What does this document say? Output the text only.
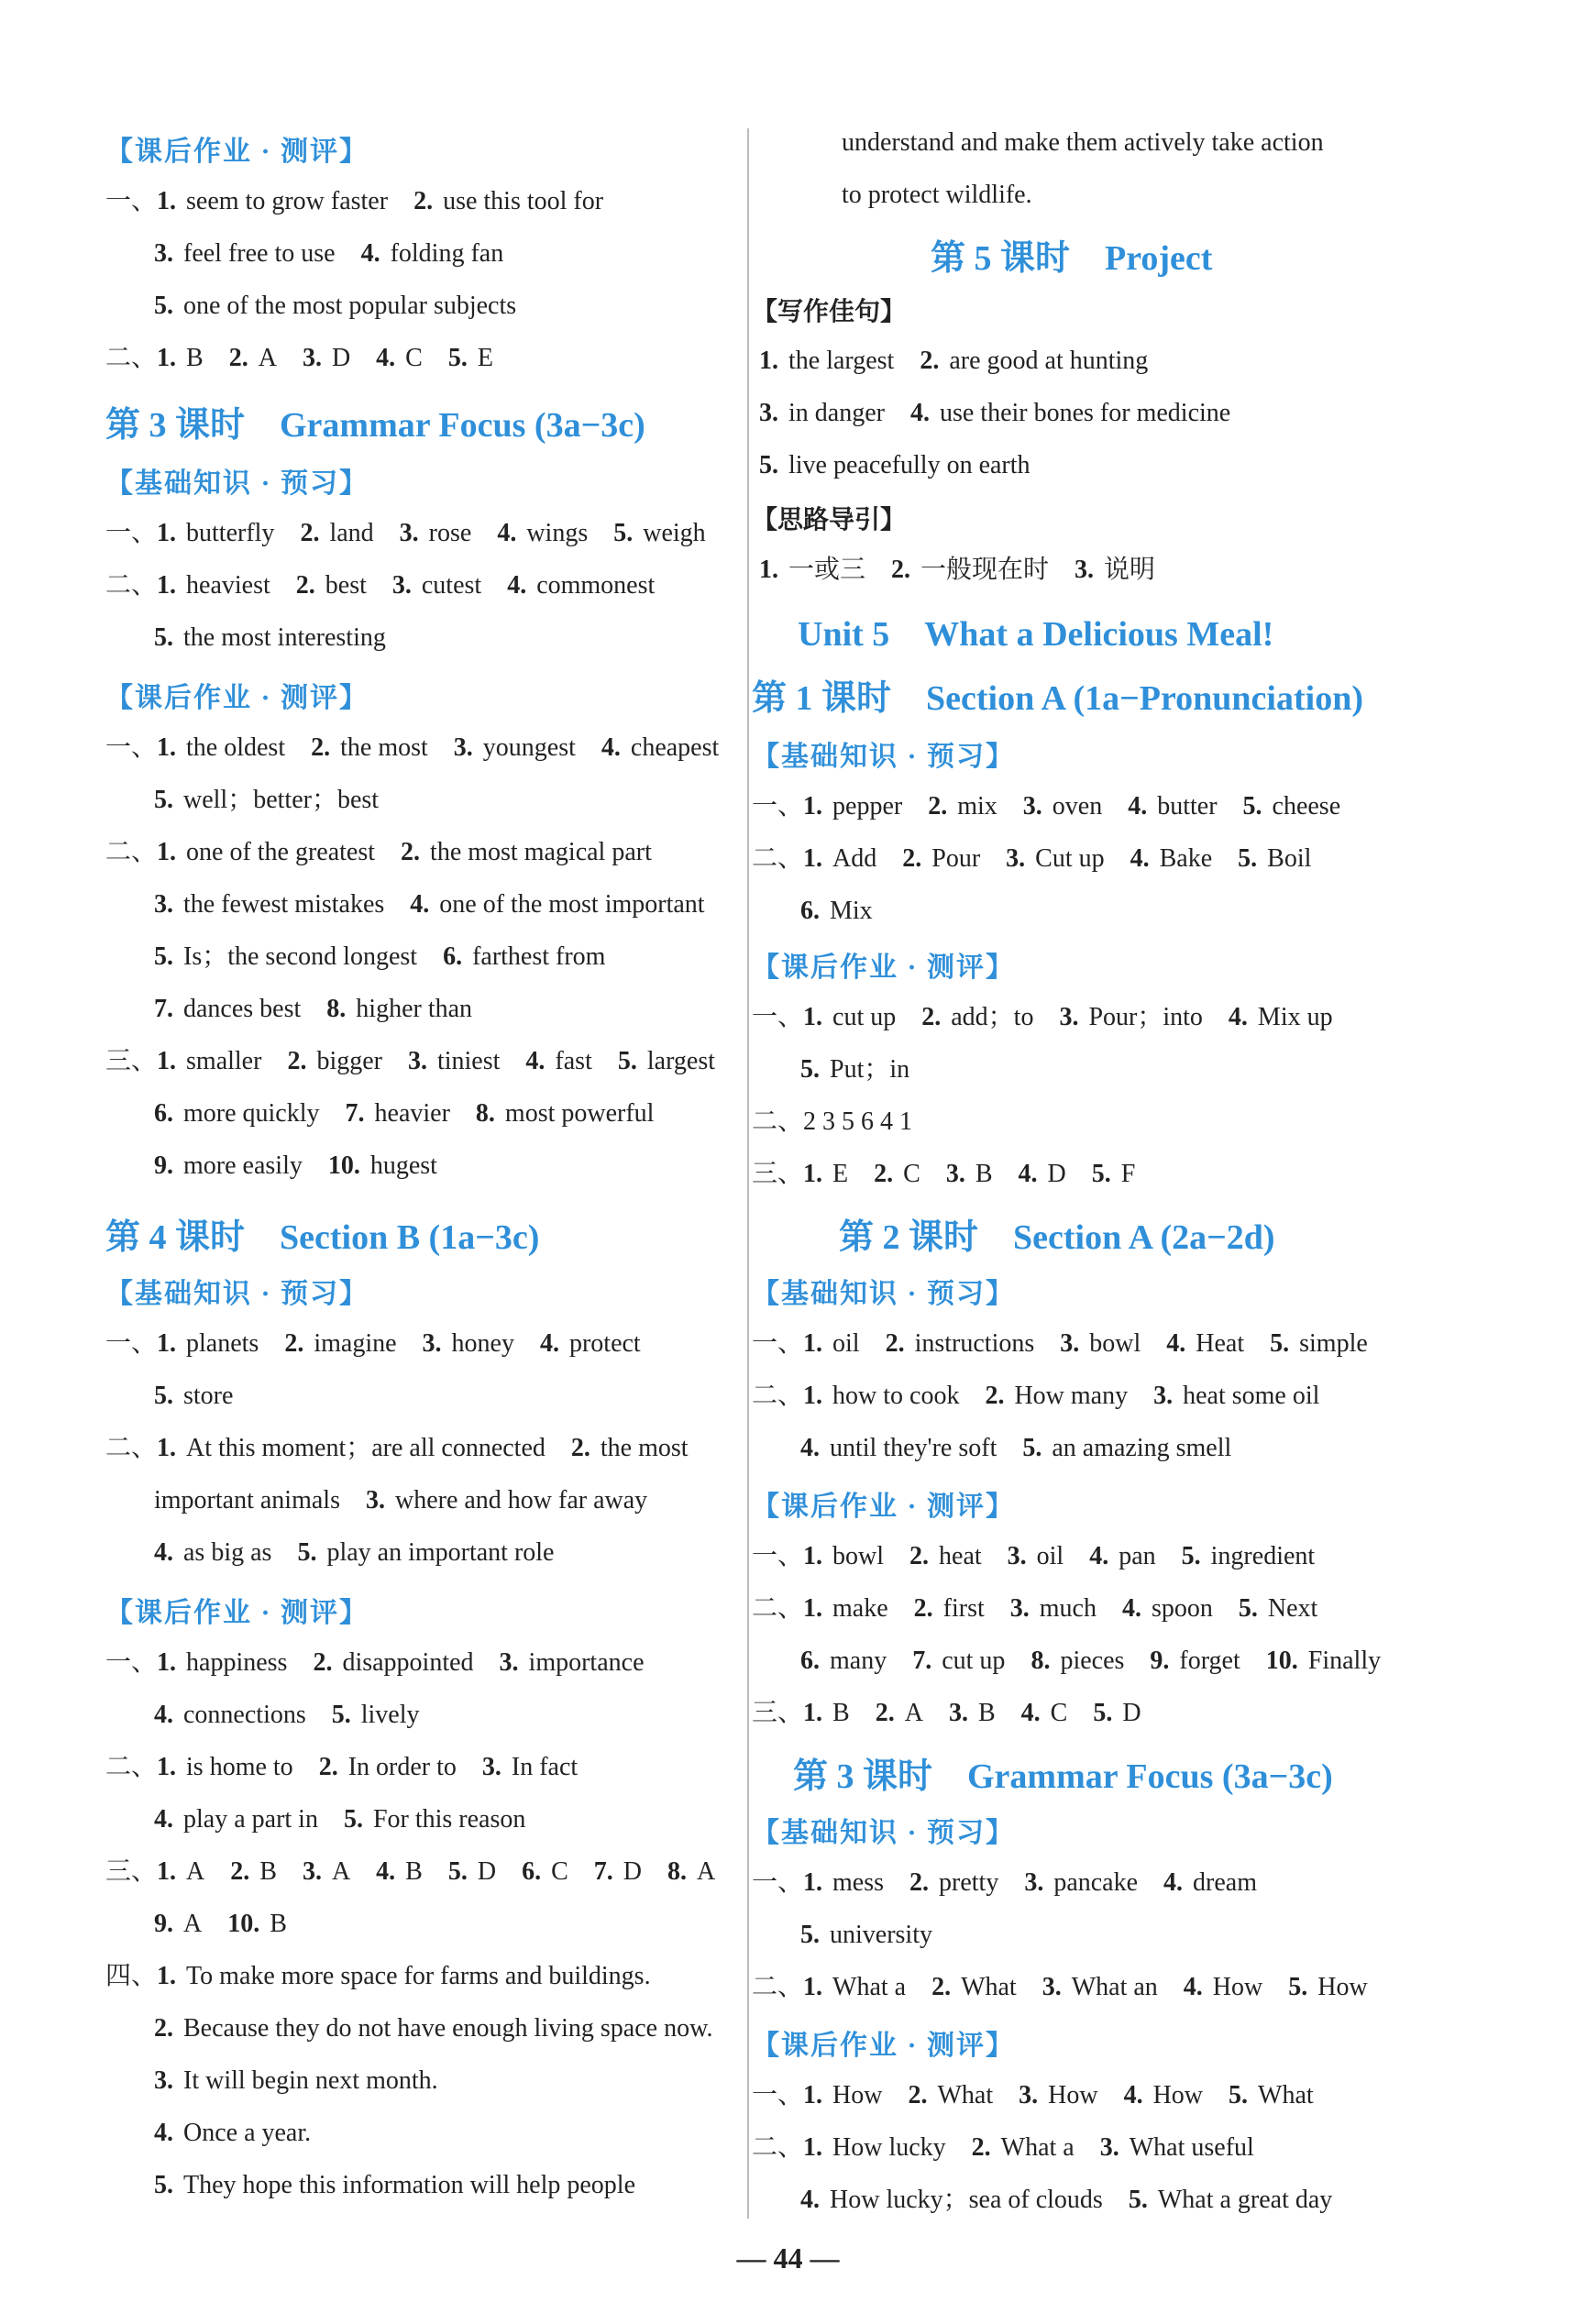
【课后作业 · 测评】
一、1. seem to grow faster 2. use this tool for
3. feel free to use 4. folding fan
5. one of the most popular subjects
二、1. B 2. A 3. D 4. C 5. E
第 3 课时　Grammar Focus (3a−3c)
【基础知识 · 预习】
一、1. butterfly 2. land 3. rose 4. wings 5. weigh
二、1. heaviest 2. best 3. cutest 4. commonest
5. the most interesting
【课后作业 · 测评】
一、1. the oldest 2. the most 3. youngest 4. cheapest
5. well；better；best
二、1. one of the greatest 2. the most magical part
3. the fewest mistakes 4. one of the most important
5. Is；the second longest 6. farthest from
7. dances best 8. higher than
三、1. smaller 2. bigger 3. tiniest 4. fast 5. largest
6. more quickly 7. heavier 8. most powerful
9. more easily 10. hugest
第 4 课时　Section B (1a−3c)
【基础知识 · 预习】
一、1. planets 2. imagine 3. honey 4. protect
5. store
二、1. At this moment；are all connected 2. the most
important animals 3. where and how far away
4. as big as 5. play an important role
【课后作业 · 测评】
一、1. happiness 2. disappointed 3. importance
4. connections 5. lively
二、1. is home to 2. In order to 3. In fact
4. play a part in 5. For this reason
三、1. A 2. B 3. A 4. B 5. D 6. C 7. D 8. A
9. A 10. B
四、1. To make more space for farms and buildings.
2. Because they do not have enough living space now.
3. It will begin next month.
4. Once a year.
5. They hope this information will help people
understand and make them actively take action
to protect wildlife.
第 5 课时　Project
【写作佳句】
1. the largest 2. are good at hunting
3. in danger 4. use their bones for medicine
5. live peacefully on earth
【思路导引】
1. 一或三 2. 一般现在时 3. 说明
Unit 5　What a Delicious Meal!
第 1 课时　Section A (1a−Pronunciation)
【基础知识 · 预习】
一、1. pepper 2. mix 3. oven 4. butter 5. cheese
二、1. Add 2. Pour 3. Cut up 4. Bake 5. Boil
6. Mix
【课后作业 · 测评】
一、1. cut up 2. add；to 3. Pour；into 4. Mix up
5. Put；in
二、2 3 5 6 4 1
三、1. E 2. C 3. B 4. D 5. F
第 2 课时　Section A (2a−2d)
【基础知识 · 预习】
一、1. oil 2. instructions 3. bowl 4. Heat 5. simple
二、1. how to cook 2. How many 3. heat some oil
4. until they're soft 5. an amazing smell
【课后作业 · 测评】
一、1. bowl 2. heat 3. oil 4. pan 5. ingredient
二、1. make 2. first 3. much 4. spoon 5. Next
6. many 7. cut up 8. pieces 9. forget 10. Finally
三、1. B 2. A 3. B 4. C 5. D
第 3 课时　Grammar Focus (3a−3c)
【基础知识 · 预习】
一、1. mess 2. pretty 3. pancake 4. dream
5. university
二、1. What a 2. What 3. What an 4. How 5. How
【课后作业 · 测评】
一、1. How 2. What 3. How 4. How 5. What
二、1. How lucky 2. What a 3. What useful
4. How lucky；sea of clouds 5. What a great day
— 44 —
